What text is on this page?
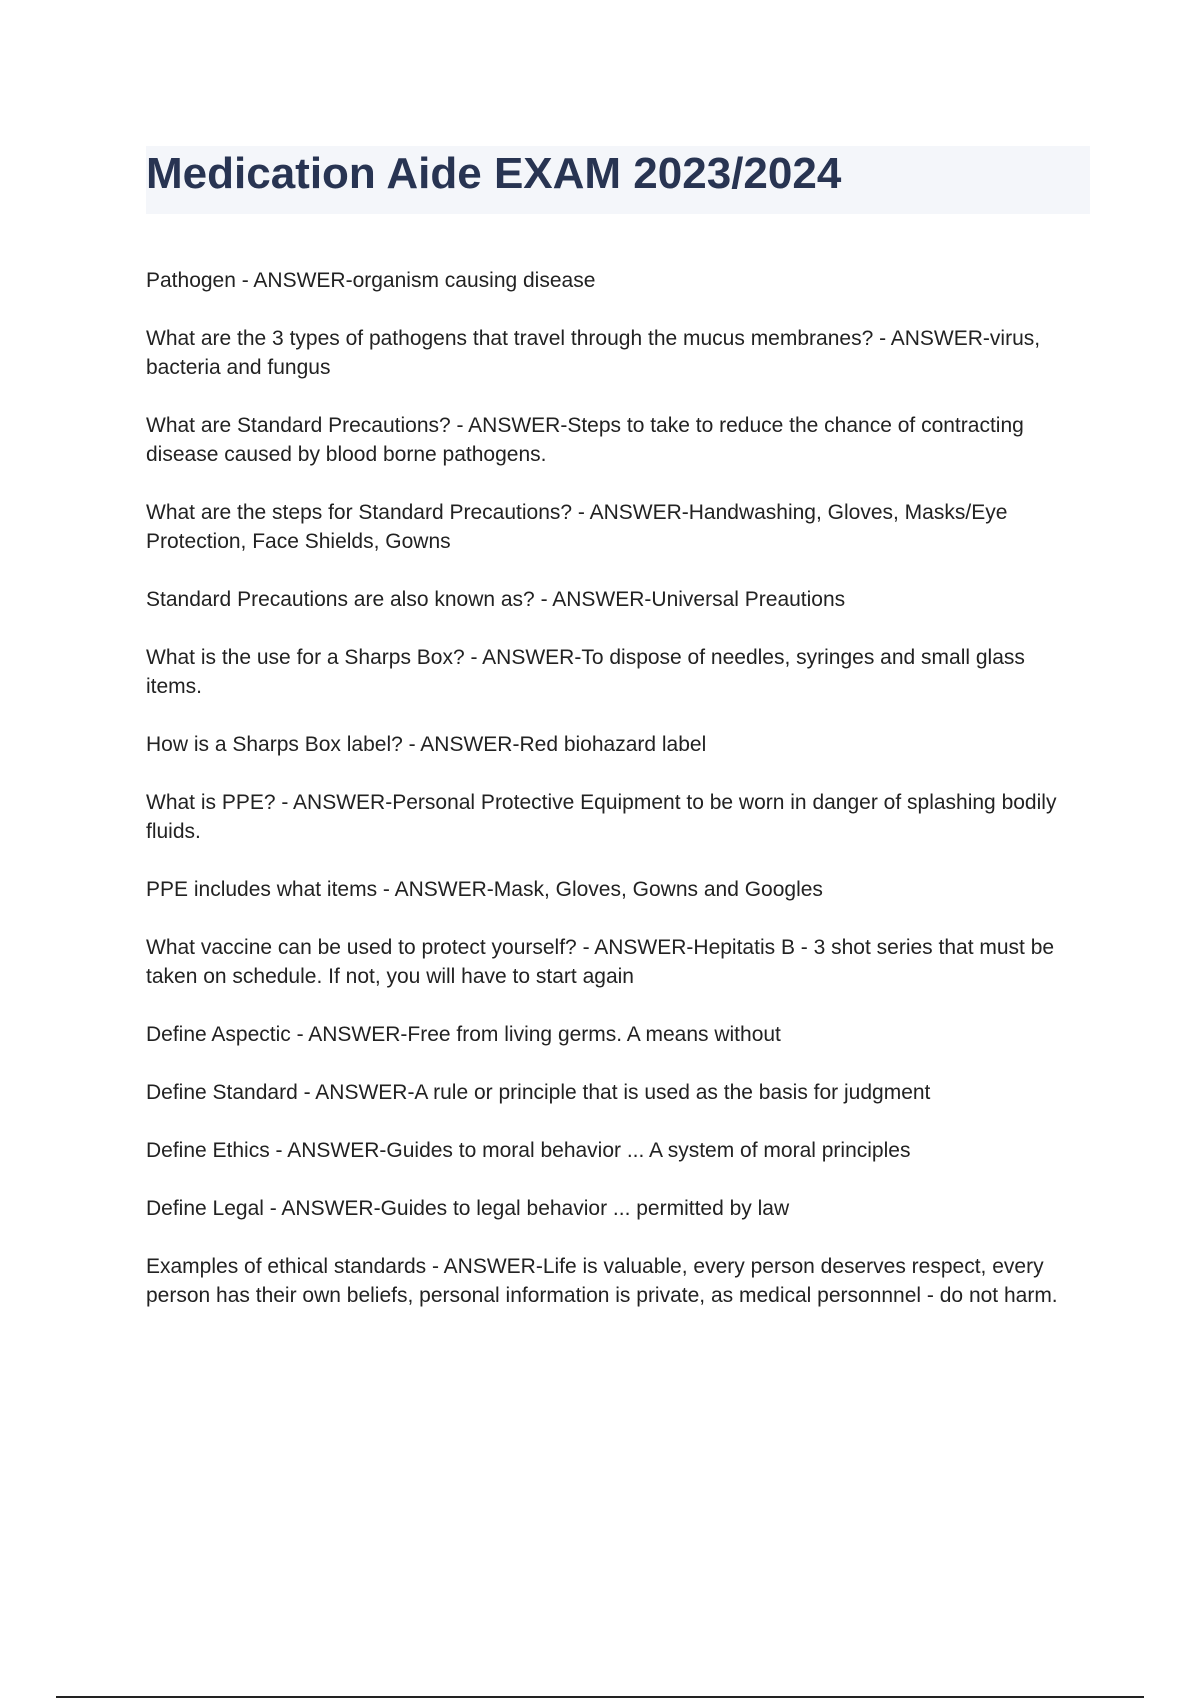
Medication Aide EXAM 2023/2024
Pathogen - ANSWER-organism causing disease
What are the 3 types of pathogens that travel through the mucus membranes? - ANSWER-virus, bacteria and fungus
What are Standard Precautions? - ANSWER-Steps to take to reduce the chance of contracting disease caused by blood borne pathogens.
What are the steps for Standard Precautions? - ANSWER-Handwashing, Gloves, Masks/Eye Protection, Face Shields, Gowns
Standard Precautions are also known as? - ANSWER-Universal Preautions
What is the use for a Sharps Box? - ANSWER-To dispose of needles, syringes and small glass items.
How is a Sharps Box label? - ANSWER-Red biohazard label
What is PPE? - ANSWER-Personal Protective Equipment to be worn in danger of splashing bodily fluids.
PPE includes what items - ANSWER-Mask, Gloves, Gowns and Googles
What vaccine can be used to protect yourself? - ANSWER-Hepitatis B - 3 shot series that must be taken on schedule. If not, you will have to start again
Define Aspectic - ANSWER-Free from living germs. A means without
Define Standard - ANSWER-A rule or principle that is used as the basis for judgment
Define Ethics - ANSWER-Guides to moral behavior ... A system of moral principles
Define Legal - ANSWER-Guides to legal behavior ... permitted by law
Examples of ethical standards - ANSWER-Life is valuable, every person deserves respect, every person has their own beliefs, personal information is private, as medical personnnel - do not harm.
